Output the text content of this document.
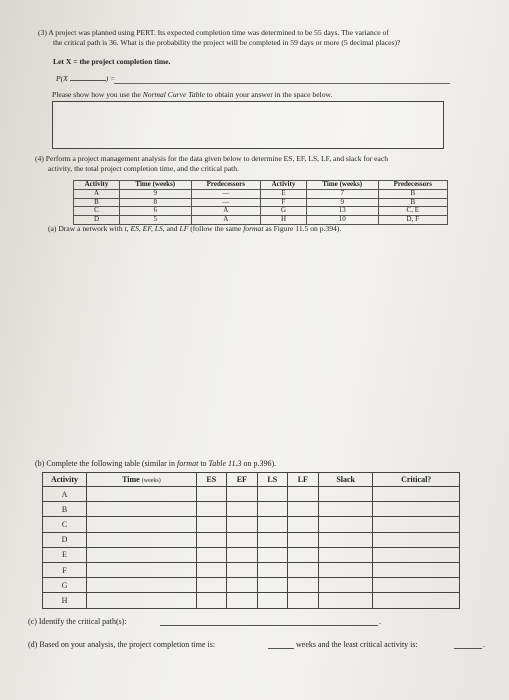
(3) A project was planned using PERT. Its expected completion time was determined to be 55 days. The variance of
the critical path is 36. What is the probability the project will be completed in 59 days or more (5 decimal places)?
Let X = the project completion time.
P(X	) =
Please show how you use the Normal Curve Table to obtain your answer in the space below.
(4) Perform a project management analysis for the data given below to determine ES, EF, LS, LF, and slack for each
activity, the total project completion time, and the critical path.
Activity	Time (weeks)	Predecessors	Activity	Time (weeks)	Predecessors
A	9	—	E	7	B
B	8	—	F	9	B
C	6	A	G	13	C, E
D	5	A	H	10	D, F
(a) Draw a network with t, ES, EF, LS, and LF (follow the same format as Figure 11.5 on p.394).
(b) Complete the following table (similar in format to Table 11.3 on p.396).
Activity	Time (weeks)	ES	EF	LS	LF	Slack	Critical?
A							
B							
C							
D							
E							
F							
G							
H							
(c) Identify the critical path(s):	.
(d) Based on your analysis, the project completion time is:	weeks and the least critical activity is:	.
